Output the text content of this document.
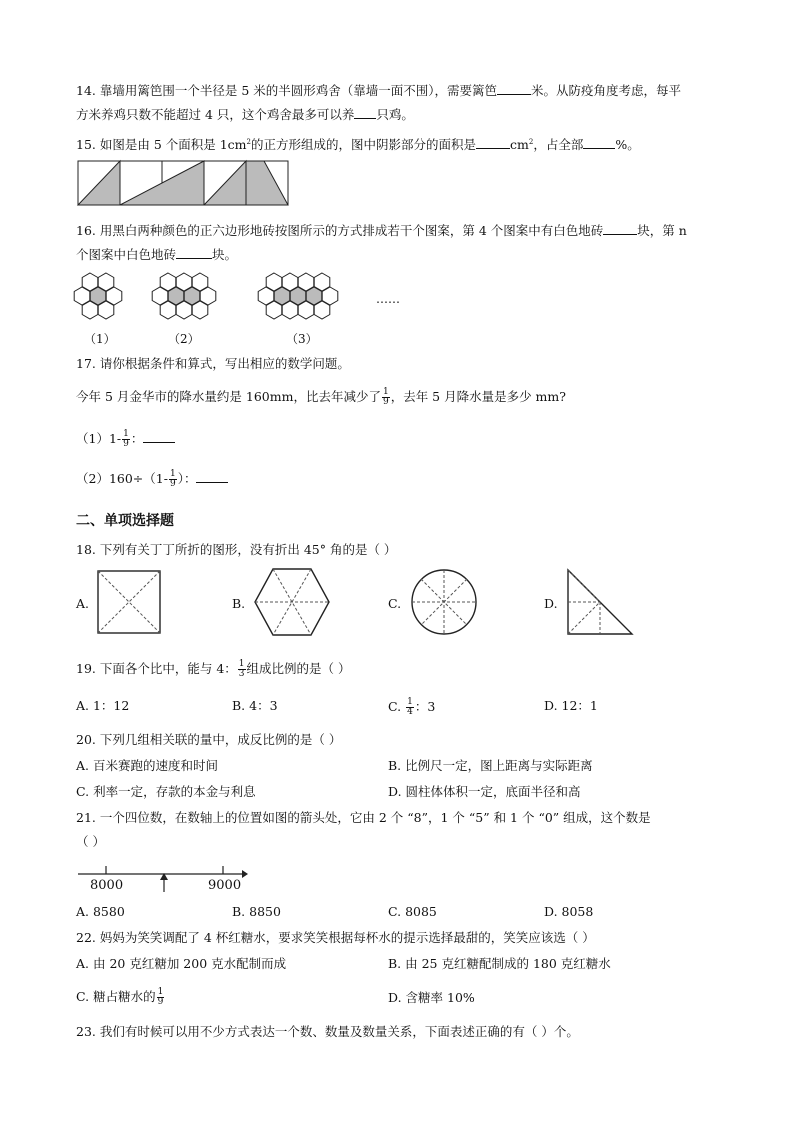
14. 靠墙用篱笆围一个半径是 5 米的半圆形鸡舍（靠墙一面不围），需要篱笆	米。从防疫角度考虑，每平
方米养鸡只数不能超过 4 只，这个鸡舍最多可以养 只鸡。
15. 如图是由 5 个面积是 $1cm^2$的正方形组成的，图中阴影部分的面积是	$cm^2$，占全部	%。
16. 用黑白两种颜色的正六边形地砖按图所示的方式排成若干个图案，第 4 个图案中有白色地砖	块，第 n
个图案中白色地砖	块。
（1）	（2）	（3）
……
17. 请你根据条件和算式，写出相应的数学问题。
今年 5 月金华市的降水量约是 160mm，比去年减少了 $\frac{1}{9}$ ，去年 5 月降水量是多少 mm?
$(1)1- \frac{1}{9}$ ：
$(2)160\div(1- \frac{1}{9}$ ）：
二、单项选择题
18. 下列有关丁丁所折的图形，没有折出 45° 角的是（ ）
A.	B.	C.	D.
19. 下面各个比中，能与 4： $\frac{1}{3}$ 组成比例的是（ ）
A. 1：12	B. 4：3	C. $\frac{1}{4}$ ：3	D. 12：1
20. 下列几组相关联的量中，成反比例的是（ ）
A. 百米赛跑的速度和时间	B. 比例尺一定，图上距离与实际距离
C. 利率一定，存款的本金与利息	D. 圆柱体体积一定，底面半径和高
21. 一个四位数，在数轴上的位置如图的箭头处，它由 2 个 “8”，1 个 “5” 和 1 个 “0” 组成，这个数是
（ ）
8000	9000
A. 8580	B. 8850	C. 8085	D. 8058
22. 妈妈为笑笑调配了 4 杯红糖水，要求笑笑根据每杯水的提示选择最甜的，笑笑应该选（ ）
A. 由 20 克红糖加 200 克水配制而成	B. 由 25 克红糖配制成的 180 克红糖水
C. 糖占糖水的 $\frac{1}{9}$	D. 含糖率 10%
23. 我们有时候可以用不少方式表达一个数、数量及数量关系，下面表述正确的有（ ）个。
